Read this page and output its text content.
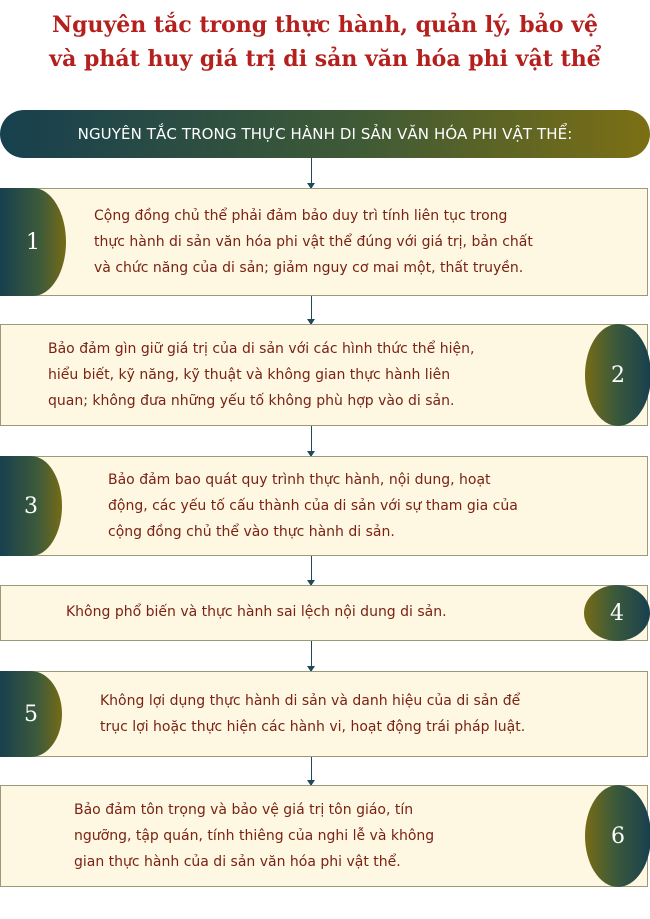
Nguyên tắc trong thực hành, quản lý, bảo vệ
và phát huy giá trị di sản văn hóa phi vật thể
NGUYÊN TẮC TRONG THỰC HÀNH DI SẢN VĂN HÓA PHI VẬT THỂ:
1
Cộng đồng chủ thể phải đảm bảo duy trì tính liên tục trong
thực hành di sản văn hóa phi vật thể đúng với giá trị, bản chất
và chức năng của di sản; giảm nguy cơ mai một, thất truyền.
2
Bảo đảm gìn giữ giá trị của di sản với các hình thức thể hiện,
hiểu biết, kỹ năng, kỹ thuật và không gian thực hành liên
quan; không đưa những yếu tố không phù hợp vào di sản.
3
Bảo đảm bao quát quy trình thực hành, nội dung, hoạt
động, các yếu tố cấu thành của di sản với sự tham gia của
cộng đồng chủ thể vào thực hành di sản.
4
Không phổ biến và thực hành sai lệch nội dung di sản.
5
Không lợi dụng thực hành di sản và danh hiệu của di sản để
trục lợi hoặc thực hiện các hành vi, hoạt động trái pháp luật.
6
Bảo đảm tôn trọng và bảo vệ giá trị tôn giáo, tín
ngưỡng, tập quán, tính thiêng của nghi lễ và không
gian thực hành của di sản văn hóa phi vật thể.
